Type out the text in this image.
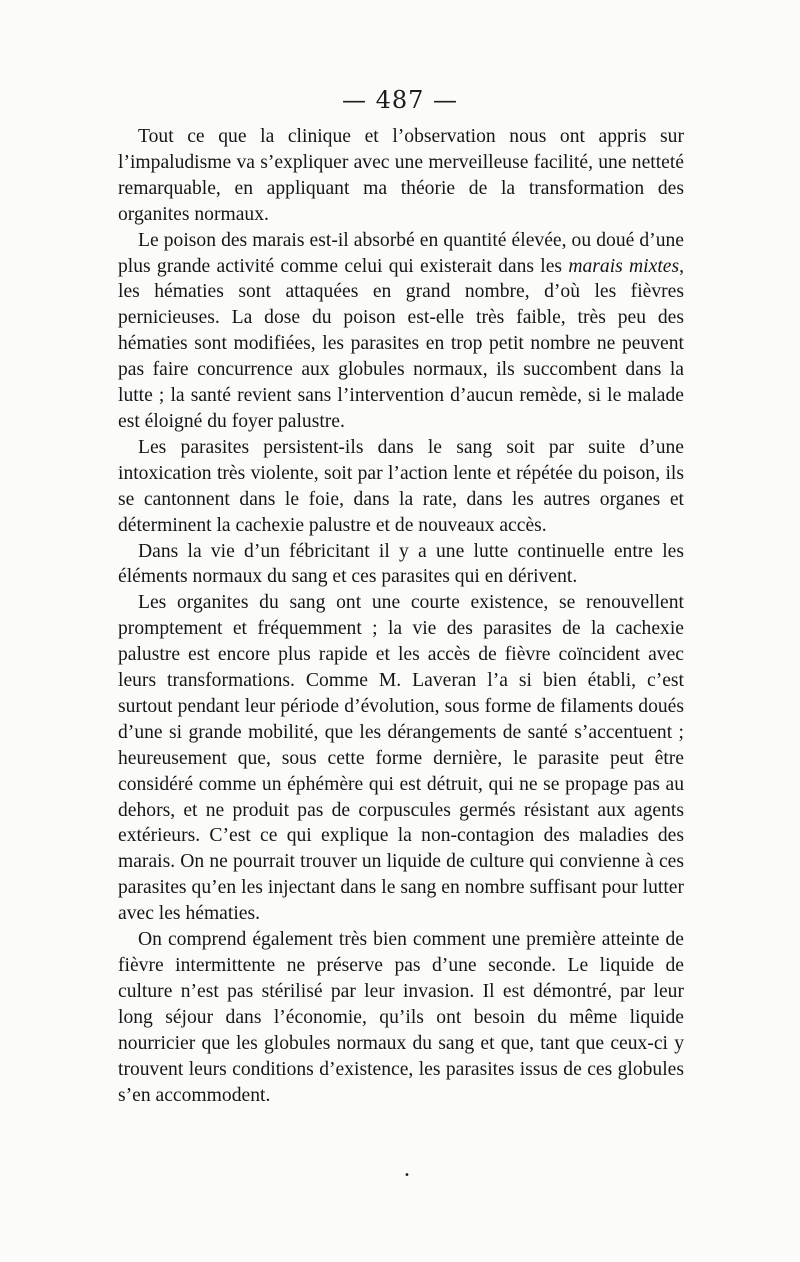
— 487 —

Tout ce que la clinique et l’observation nous ont appris sur l’impaludisme va s’expliquer avec une merveilleuse facilité, une netteté remarquable, en appliquant ma théorie de la transformation des organites normaux.

Le poison des marais est-il absorbé en quantité élevée, ou doué d’une plus grande activité comme celui qui existerait dans les marais mixtes, les hématies sont attaquées en grand nombre, d’où les fièvres pernicieuses. La dose du poison est-elle très faible, très peu des hématies sont modifiées, les parasites en trop petit nombre ne peuvent pas faire concurrence aux globules normaux, ils succombent dans la lutte ; la santé revient sans l’intervention d’aucun remède, si le malade est éloigné du foyer palustre.

Les parasites persistent-ils dans le sang soit par suite d’une intoxication très violente, soit par l’action lente et répétée du poison, ils se cantonnent dans le foie, dans la rate, dans les autres organes et déterminent la cachexie palustre et de nouveaux accès.

Dans la vie d’un fébricitant il y a une lutte continuelle entre les éléments normaux du sang et ces parasites qui en dérivent.

Les organites du sang ont une courte existence, se renouvellent promptement et fréquemment ; la vie des parasites de la cachexie palustre est encore plus rapide et les accès de fièvre coïncident avec leurs transformations. Comme M. Laveran l’a si bien établi, c’est surtout pendant leur période d’évolution, sous forme de filaments doués d’une si grande mobilité, que les dérangements de santé s’accentuent ; heureusement que, sous cette forme dernière, le parasite peut être considéré comme un éphémère qui est détruit, qui ne se propage pas au dehors, et ne produit pas de corpuscules germés résistant aux agents extérieurs. C’est ce qui explique la non-contagion des maladies des marais. On ne pourrait trouver un liquide de culture qui convienne à ces parasites qu’en les injectant dans le sang en nombre suffisant pour lutter avec les hématies.

On comprend également très bien comment une première atteinte de fièvre intermittente ne préserve pas d’une seconde. Le liquide de culture n’est pas stérilisé par leur invasion. Il est démontré, par leur long séjour dans l’économie, qu’ils ont besoin du même liquide nourricier que les globules normaux du sang et que, tant que ceux-ci y trouvent leurs conditions d’existence, les parasites issus de ces globules s’en accommodent.

•
